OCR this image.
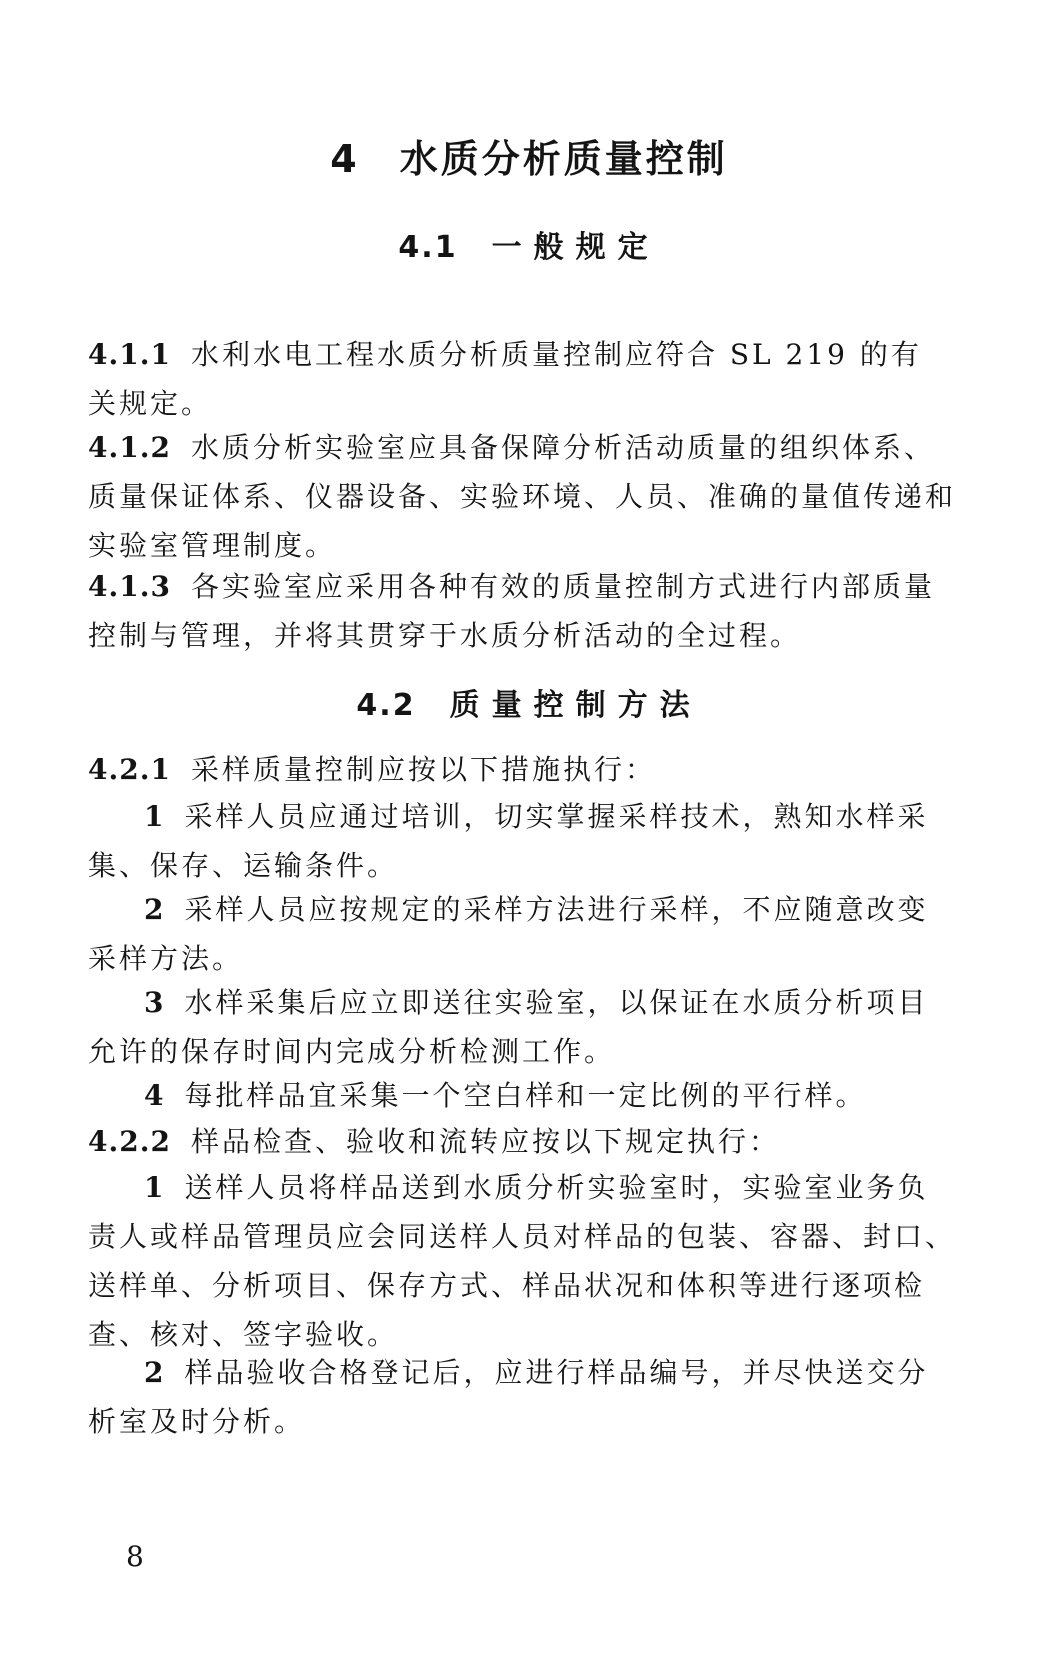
4 水质分析质量控制
4.1 一般规定
4.1.1 水利水电工程水质分析质量控制应符合 SL 219 的有
关规定。
4.1.2 水质分析实验室应具备保障分析活动质量的组织体系、
质量保证体系、仪器设备、实验环境、人员、准确的量值传递和
实验室管理制度。
4.1.3 各实验室应采用各种有效的质量控制方式进行内部质量
控制与管理，并将其贯穿于水质分析活动的全过程。
4.2 质量控制方法
4.2.1 采样质量控制应按以下措施执行：
1 采样人员应通过培训，切实掌握采样技术，熟知水样采
集、保存、运输条件。
2 采样人员应按规定的采样方法进行采样，不应随意改变
采样方法。
3 水样采集后应立即送往实验室，以保证在水质分析项目
允许的保存时间内完成分析检测工作。
4 每批样品宜采集一个空白样和一定比例的平行样。
4.2.2 样品检查、验收和流转应按以下规定执行：
1 送样人员将样品送到水质分析实验室时，实验室业务负
责人或样品管理员应会同送样人员对样品的包装、容器、封口、
送样单、分析项目、保存方式、样品状况和体积等进行逐项检
查、核对、签字验收。
2 样品验收合格登记后，应进行样品编号，并尽快送交分
析室及时分析。
8
